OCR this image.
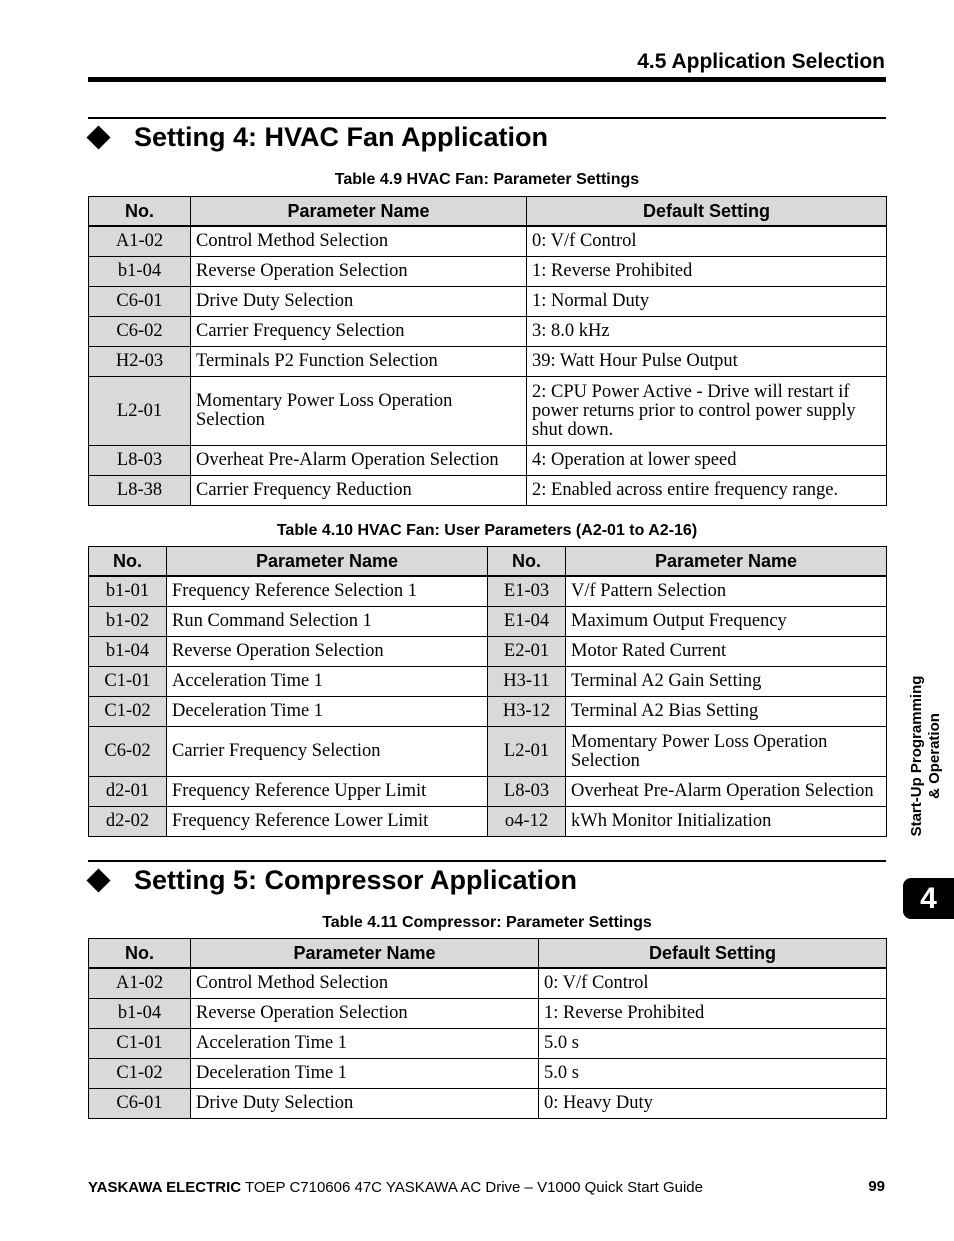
4.5 Application Selection
Setting 4: HVAC Fan Application
Table 4.9 HVAC Fan: Parameter Settings
No.	Parameter Name	Default Setting
A1-02	Control Method Selection	0: V/f Control
b1-04	Reverse Operation Selection	1: Reverse Prohibited
C6-01	Drive Duty Selection	1: Normal Duty
C6-02	Carrier Frequency Selection	3: 8.0 kHz
H2-03	Terminals P2 Function Selection	39: Watt Hour Pulse Output
L2-01	Momentary Power Loss Operation Selection	2: CPU Power Active - Drive will restart if power returns prior to control power supply shut down.
L8-03	Overheat Pre-Alarm Operation Selection	4: Operation at lower speed
L8-38	Carrier Frequency Reduction	2: Enabled across entire frequency range.
Table 4.10 HVAC Fan: User Parameters (A2-01 to A2-16)
No.	Parameter Name	No.	Parameter Name
b1-01	Frequency Reference Selection 1	E1-03	V/f Pattern Selection
b1-02	Run Command Selection 1	E1-04	Maximum Output Frequency
b1-04	Reverse Operation Selection	E2-01	Motor Rated Current
C1-01	Acceleration Time 1	H3-11	Terminal A2 Gain Setting
C1-02	Deceleration Time 1	H3-12	Terminal A2 Bias Setting
C6-02	Carrier Frequency Selection	L2-01	Momentary Power Loss Operation Selection
d2-01	Frequency Reference Upper Limit	L8-03	Overheat Pre-Alarm Operation Selection
d2-02	Frequency Reference Lower Limit	o4-12	kWh Monitor Initialization
Setting 5: Compressor Application
Table 4.11 Compressor: Parameter Settings
No.	Parameter Name	Default Setting
A1-02	Control Method Selection	0: V/f Control
b1-04	Reverse Operation Selection	1: Reverse Prohibited
C1-01	Acceleration Time 1	5.0 s
C1-02	Deceleration Time 1	5.0 s
C6-01	Drive Duty Selection	0: Heavy Duty
Start-Up Programming & Operation
4
YASKAWA ELECTRIC TOEP C710606 47C YASKAWA AC Drive – V1000 Quick Start Guide	99
